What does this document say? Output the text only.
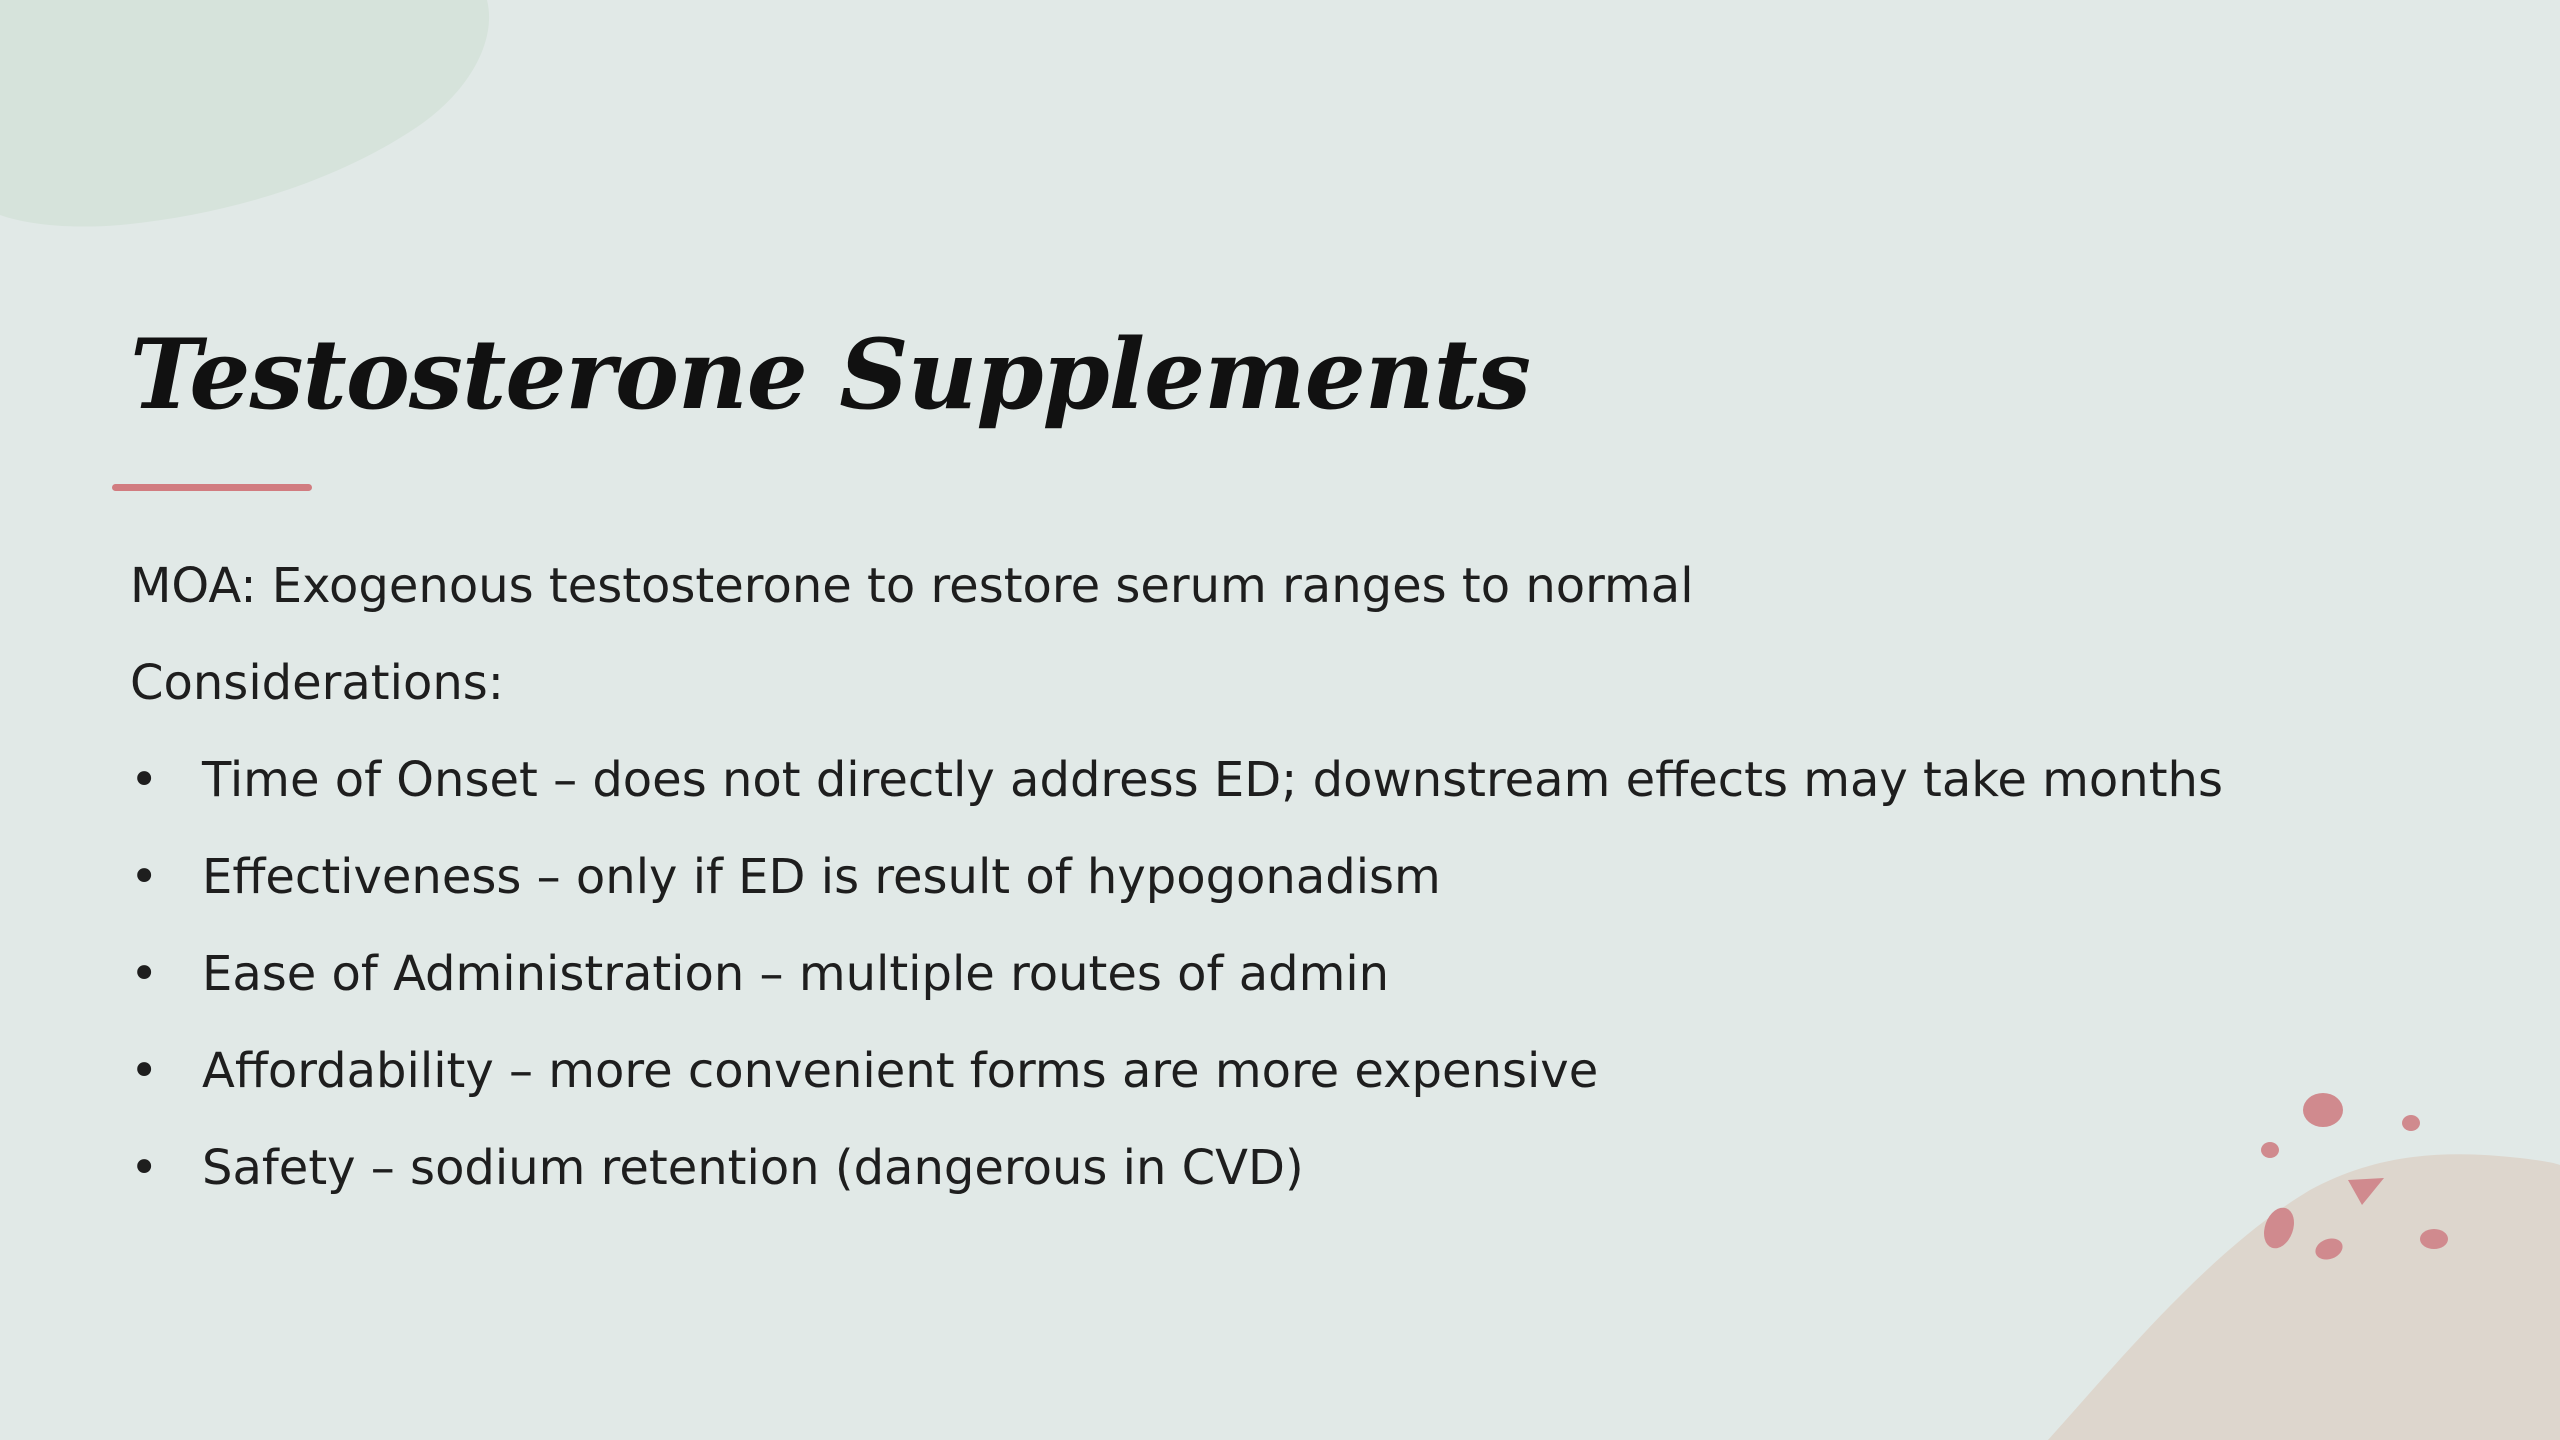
Testosterone Supplements

MOA: Exogenous testosterone to restore serum ranges to normal

Considerations:

• Time of Onset – does not directly address ED; downstream effects may take months
• Effectiveness – only if ED is result of hypogonadism
• Ease of Administration – multiple routes of admin
• Affordability – more convenient forms are more expensive
• Safety – sodium retention (dangerous in CVD)
